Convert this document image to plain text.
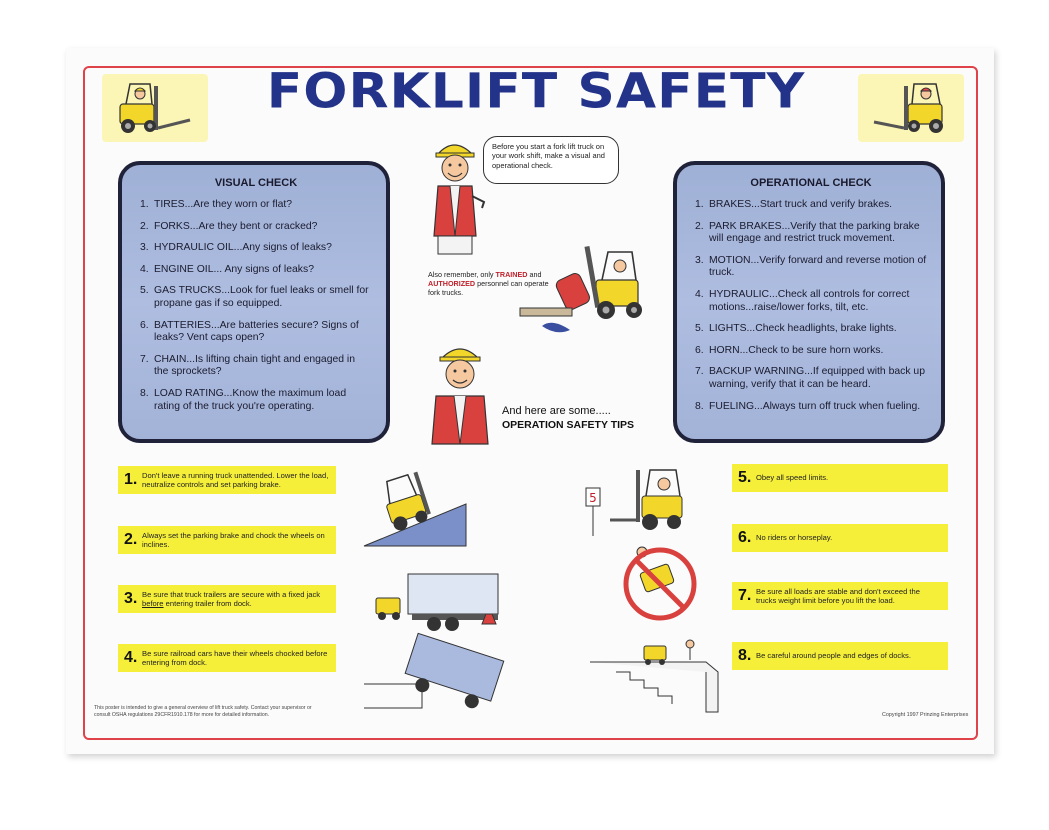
FORKLIFT SAFETY
VISUAL CHECK
1. TIRES...Are they worn or flat?
2. FORKS...Are they bent or cracked?
3. HYDRAULIC OIL...Any signs of leaks?
4. ENGINE OIL... Any signs of leaks?
5. GAS TRUCKS...Look for fuel leaks or smell for propane gas if so equipped.
6. BATTERIES...Are batteries secure? Signs of leaks? Vent caps open?
7. CHAIN...Is lifting chain tight and engaged in the sprockets?
8. LOAD RATING...Know the maximum load rating of the truck you're operating.
OPERATIONAL CHECK
1. BRAKES...Start truck and verify brakes.
2. PARK BRAKES...Verify that the parking brake will engage and restrict truck movement.
3. MOTION...Verify forward and reverse motion of truck.
4. HYDRAULIC...Check all controls for correct motions...raise/lower forks, tilt, etc.
5. LIGHTS...Check headlights, brake lights.
6. HORN...Check to be sure horn works.
7. BACKUP WARNING...If equipped with back up warning, verify that it can be heard.
8. FUELING...Always turn off truck when fueling.
Before you start a fork lift truck on your work shift, make a visual and operational check.
Also remember, only TRAINED and AUTHORIZED personnel can operate fork trucks.
And here are some.....
OPERATION SAFETY TIPS
1. Don't leave a running truck unattended. Lower the load, neutralize controls and set parking brake.
2. Always set the parking brake and chock the wheels on inclines.
3. Be sure that truck trailers are secure with a fixed jack before entering trailer from dock.
4. Be sure railroad cars have their wheels chocked before entering from dock.
5. Obey all speed limits.
6. No riders or horseplay.
7. Be sure all loads are stable and don't exceed the trucks weight limit before you lift the load.
8. Be careful around people and edges of docks.
5
This poster is intended to give a general overview of lift truck safety. Contact your supervisor or consult OSHA regulations 29CFR1910.178 for more for detailed information.	Copyright 1997 Prinzing Enterprises
